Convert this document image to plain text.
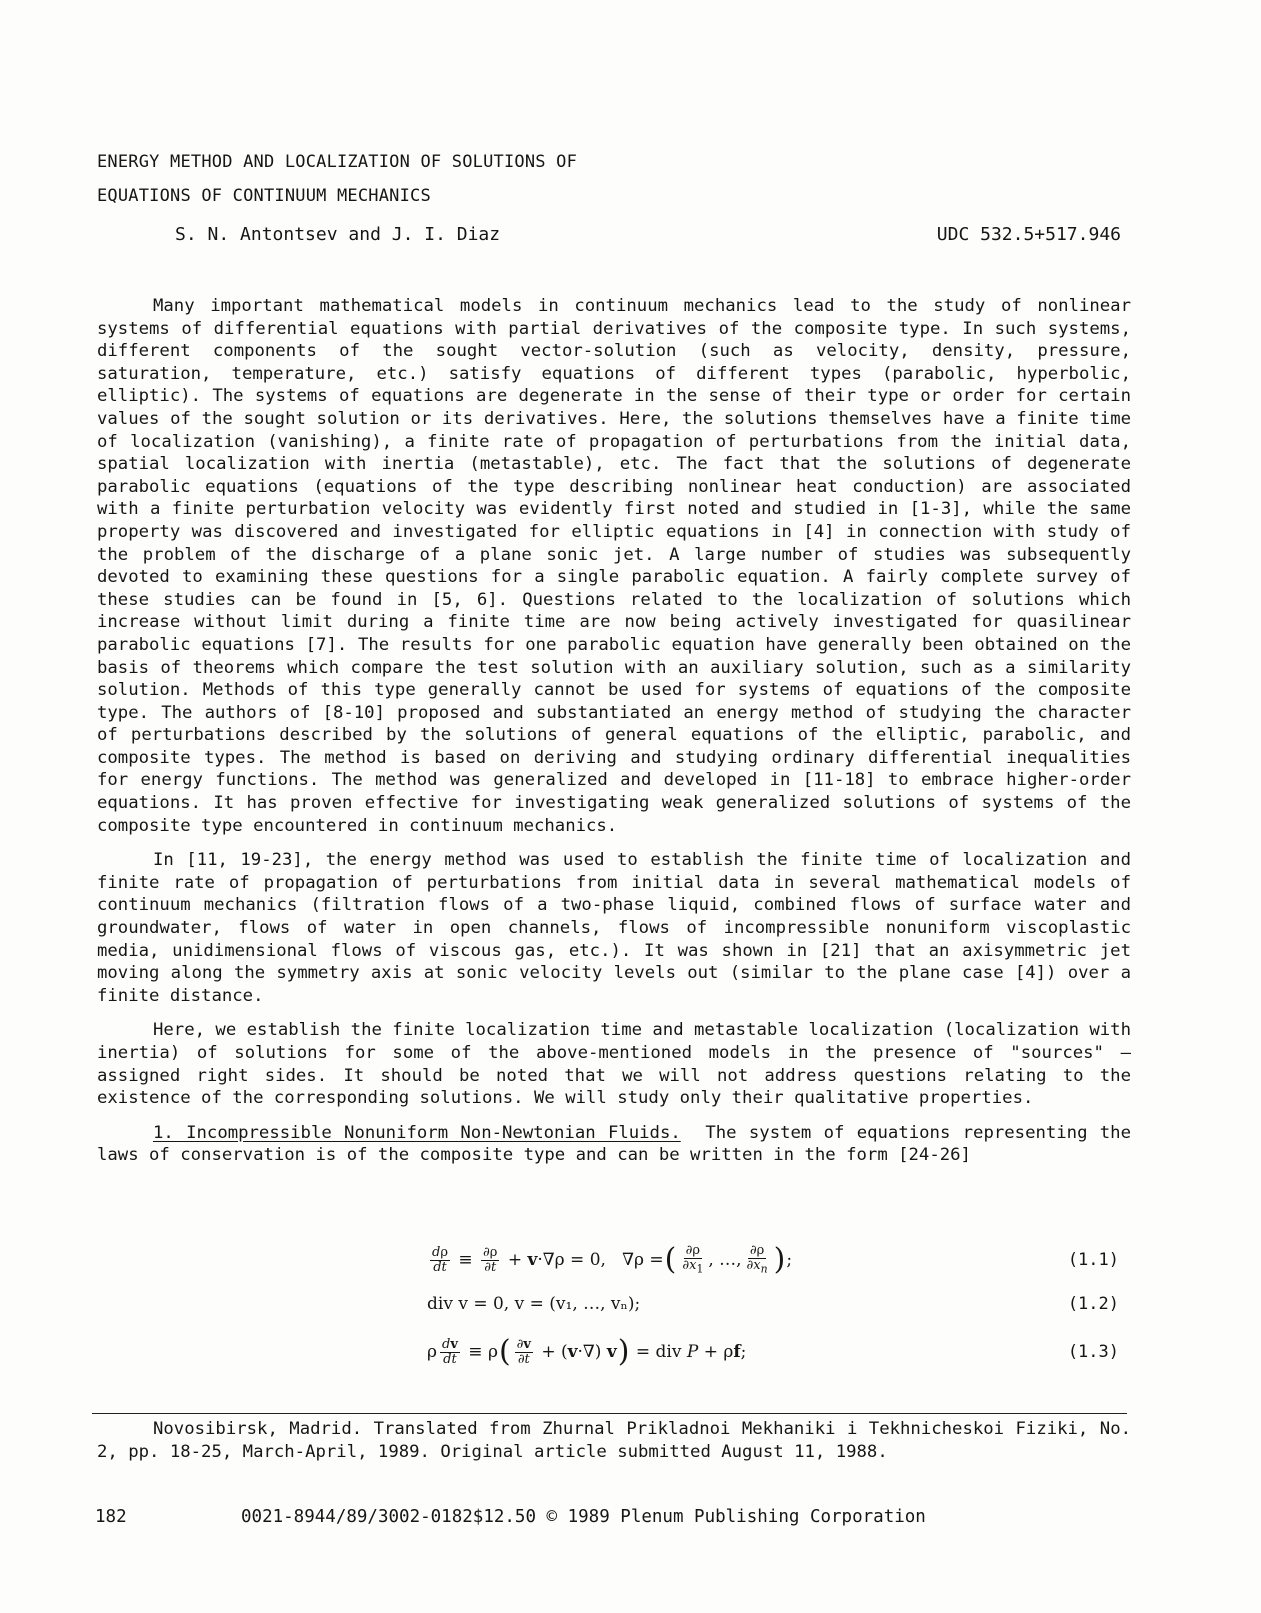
ENERGY METHOD AND LOCALIZATION OF SOLUTIONS OF
EQUATIONS OF CONTINUUM MECHANICS
S. N. Antontsev and J. I. Diaz	UDC 532.5+517.946

Many important mathematical models in continuum mechanics lead to the study of nonlinear systems of differential equations with partial derivatives of the composite type. In such systems, different components of the sought vector-solution (such as velocity, density, pressure, saturation, temperature, etc.) satisfy equations of different types (parabolic, hyperbolic, elliptic). The systems of equations are degenerate in the sense of their type or order for certain values of the sought solution or its derivatives. Here, the solutions themselves have a finite time of localization (vanishing), a finite rate of propagation of perturbations from the initial data, spatial localization with inertia (metastable), etc. The fact that the solutions of degenerate parabolic equations (equations of the type describing nonlinear heat conduction) are associated with a finite perturbation velocity was evidently first noted and studied in [1-3], while the same property was discovered and investigated for elliptic equations in [4] in connection with study of the problem of the discharge of a plane sonic jet. A large number of studies was subsequently devoted to examining these questions for a single parabolic equation. A fairly complete survey of these studies can be found in [5, 6]. Questions related to the localization of solutions which increase without limit during a finite time are now being actively investigated for quasilinear parabolic equations [7]. The results for one parabolic equation have generally been obtained on the basis of theorems which compare the test solution with an auxiliary solution, such as a similarity solution. Methods of this type generally cannot be used for systems of equations of the composite type. The authors of [8-10] proposed and substantiated an energy method of studying the character of perturbations described by the solutions of general equations of the elliptic, parabolic, and composite types. The method is based on deriving and studying ordinary differential inequalities for energy functions. The method was generalized and developed in [11-18] to embrace higher-order equations. It has proven effective for investigating weak generalized solutions of systems of the composite type encountered in continuum mechanics.

In [11, 19-23], the energy method was used to establish the finite time of localization and finite rate of propagation of perturbations from initial data in several mathematical models of continuum mechanics (filtration flows of a two-phase liquid, combined flows of surface water and groundwater, flows of water in open channels, flows of incompressible nonuniform viscoplastic media, unidimensional flows of viscous gas, etc.). It was shown in [21] that an axisymmetric jet moving along the symmetry axis at sonic velocity levels out (similar to the plane case [4]) over a finite distance.

Here, we establish the finite localization time and metastable localization (localization with inertia) of solutions for some of the above-mentioned models in the presence of "sources" — assigned right sides. It should be noted that we will not address questions relating to the existence of the corresponding solutions. We will study only their qualitative properties.

1. Incompressible Nonuniform Non-Newtonian Fluids. The system of equations representing the laws of conservation is of the composite type and can be written in the form [24-26]

$\frac{d\rho}{dt} \equiv \frac{\partial\rho}{\partial t} + v\cdot\nabla\rho = 0$,   ∇ρ = ( $\frac{\partial\rho}{\partial x_1}$ , …, $\frac{\partial\rho}{\partial x_n}$ ) ;	(1.1)
div v = 0, v = (v₁, …, vₙ);	(1.2)
ρ $\frac{dv}{dt} \equiv \rho$ ( $\frac{\partial v}{\partial t} + (v\cdot\nabla)$ v ) = div P + ρf;	(1.3)
Novosibirsk, Madrid. Translated from Zhurnal Prikladnoi Mekhaniki i Tekhnicheskoi Fiziki, No. 2, pp. 18-25, March-April, 1989. Original article submitted August 11, 1988.
182	0021-8944/89/3002-0182$12.50 © 1989 Plenum Publishing Corporation
